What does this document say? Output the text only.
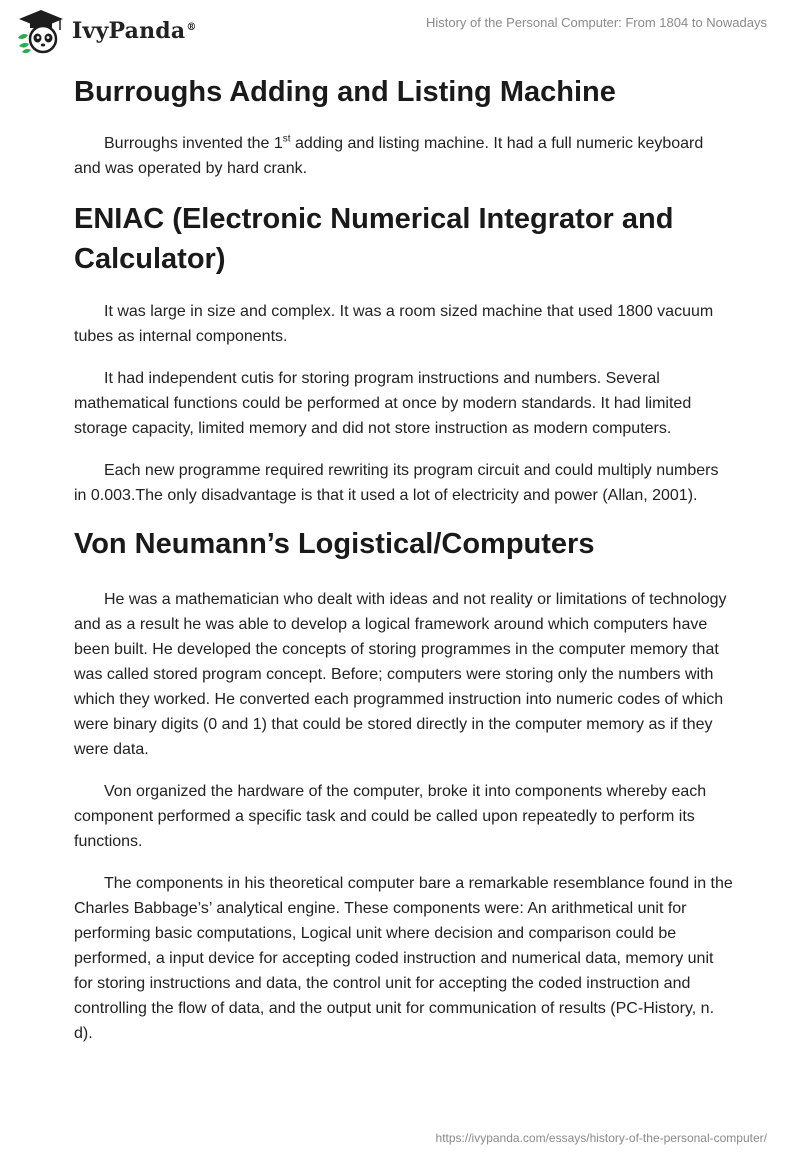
IvyPanda®	History of the Personal Computer: From 1804 to Nowadays
Burroughs Adding and Listing Machine

Burroughs invented the 1st adding and listing machine. It had a full numeric keyboard and was operated by hard crank.

ENIAC (Electronic Numerical Integrator and Calculator)

It was large in size and complex. It was a room sized machine that used 1800 vacuum tubes as internal components.

It had independent cutis for storing program instructions and numbers. Several mathematical functions could be performed at once by modern standards. It had limited storage capacity, limited memory and did not store instruction as modern computers.

Each new programme required rewriting its program circuit and could multiply numbers in 0.003.The only disadvantage is that it used a lot of electricity and power (Allan, 2001).

Von Neumann’s Logistical/Computers

He was a mathematician who dealt with ideas and not reality or limitations of technology and as a result he was able to develop a logical framework around which computers have been built. He developed the concepts of storing programmes in the computer memory that was called stored program concept. Before; computers were storing only the numbers with which they worked. He converted each programmed instruction into numeric codes of which were binary digits (0 and 1) that could be stored directly in the computer memory as if they were data.

Von organized the hardware of the computer, broke it into components whereby each component performed a specific task and could be called upon repeatedly to perform its functions.

The components in his theoretical computer bare a remarkable resemblance found in the Charles Babbage’s’ analytical engine. These components were: An arithmetical unit for performing basic computations, Logical unit where decision and comparison could be performed, a input device for accepting coded instruction and numerical data, memory unit for storing instructions and data, the control unit for accepting the coded instruction and controlling the flow of data, and the output unit for communication of results (PC-History, n. d).

https://ivypanda.com/essays/history-of-the-personal-computer/
